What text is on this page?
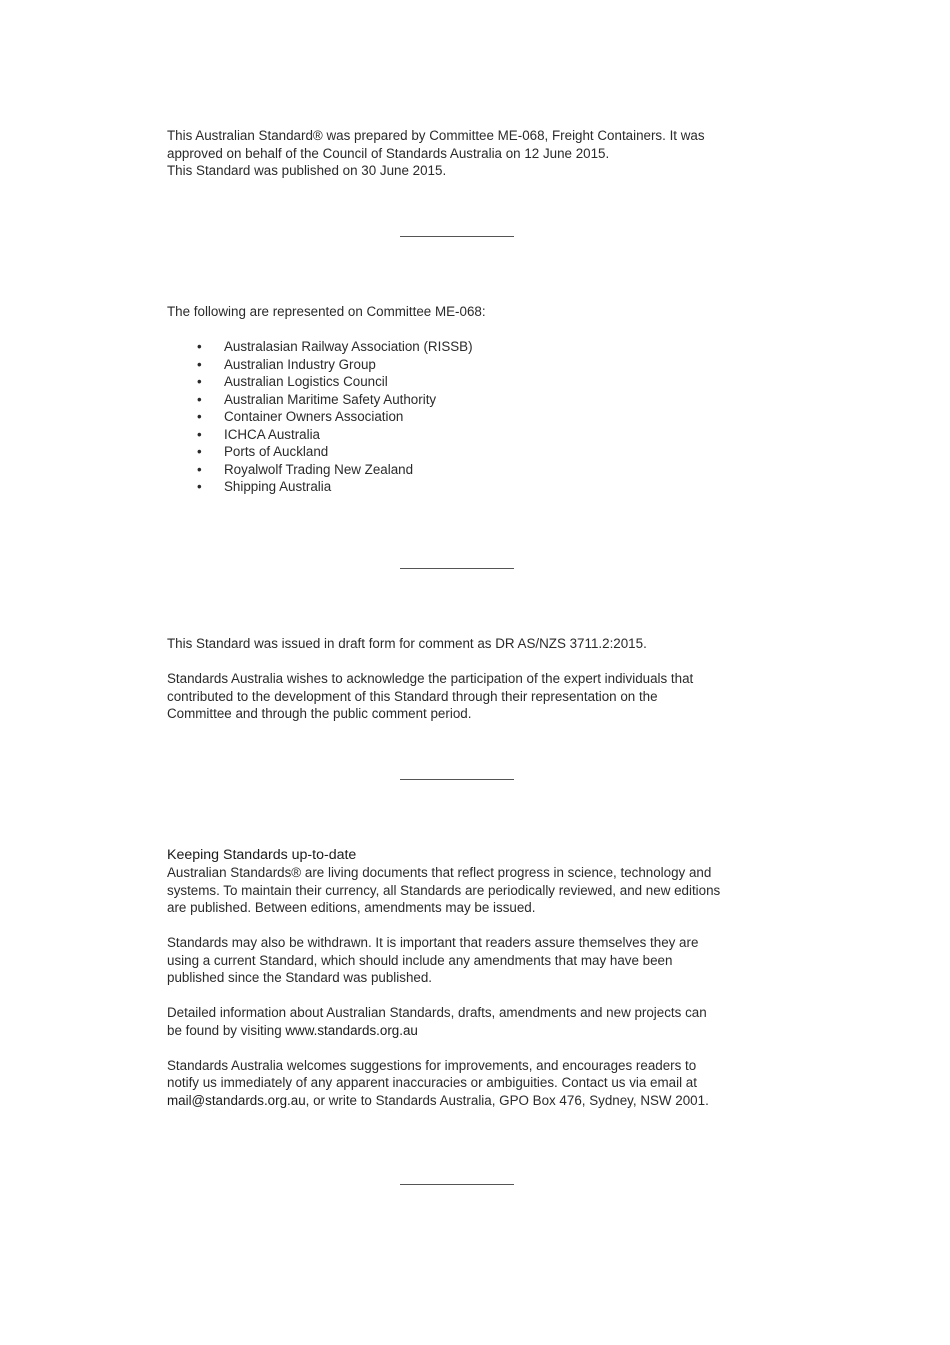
This Australian Standard® was prepared by Committee ME-068, Freight Containers. It was

approved on behalf of the Council of Standards Australia on 12 June 2015.

This Standard was published on 30 June 2015.

The following are represented on Committee ME-068:

• Australasian Railway Association (RISSB)
• Australian Industry Group
• Australian Logistics Council
• Australian Maritime Safety Authority
• Container Owners Association
• ICHCA Australia
• Ports of Auckland
• Royalwolf Trading New Zealand
• Shipping Australia

This Standard was issued in draft form for comment as DR AS/NZS 3711.2:2015.

Standards Australia wishes to acknowledge the participation of the expert individuals that

contributed to the development of this Standard through their representation on the

Committee and through the public comment period.

Keeping Standards up-to-date

Australian Standards® are living documents that reflect progress in science, technology and

systems. To maintain their currency, all Standards are periodically reviewed, and new editions

are published. Between editions, amendments may be issued.

Standards may also be withdrawn. It is important that readers assure themselves they are

using a current Standard, which should include any amendments that may have been

published since the Standard was published.

Detailed information about Australian Standards, drafts, amendments and new projects can

be found by visiting www.standards.org.au

Standards Australia welcomes suggestions for improvements, and encourages readers to

notify us immediately of any apparent inaccuracies or ambiguities. Contact us via email at

mail@standards.org.au, or write to Standards Australia, GPO Box 476, Sydney, NSW 2001.
